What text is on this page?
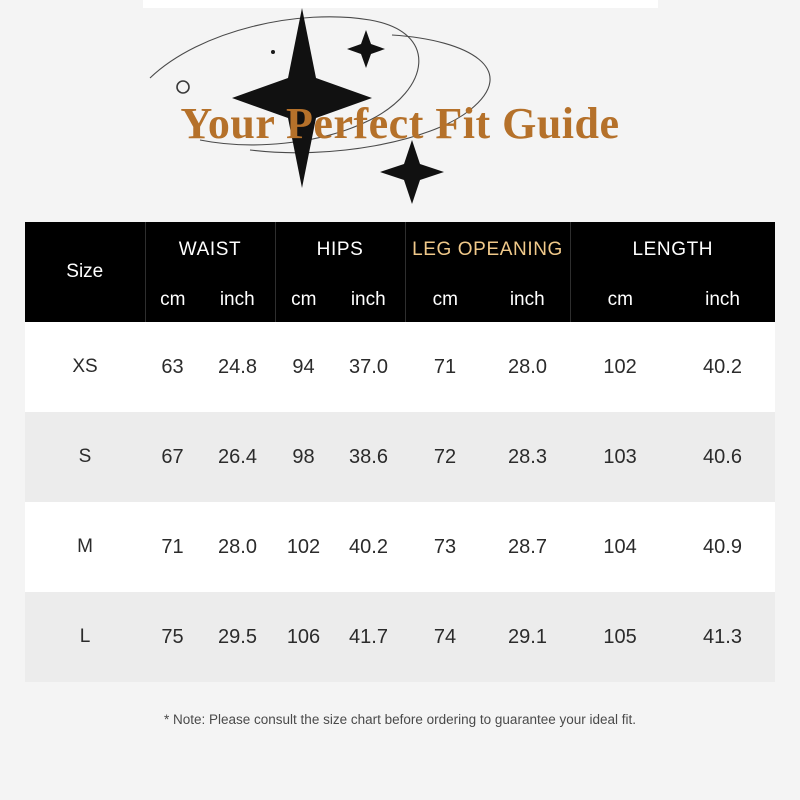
Your Perfect Fit Guide
Size	WAIST		HIPS		LEG OPEANING		LENGTH	
	cm	inch	cm	inch	cm	inch	cm	inch
XS	63	24.8	94	37.0	71	28.0	102	40.2
S	67	26.4	98	38.6	72	28.3	103	40.6
M	71	28.0	102	40.2	73	28.7	104	40.9
L	75	29.5	106	41.7	74	29.1	105	41.3
* Note: Please consult the size chart before ordering to guarantee your ideal fit.
